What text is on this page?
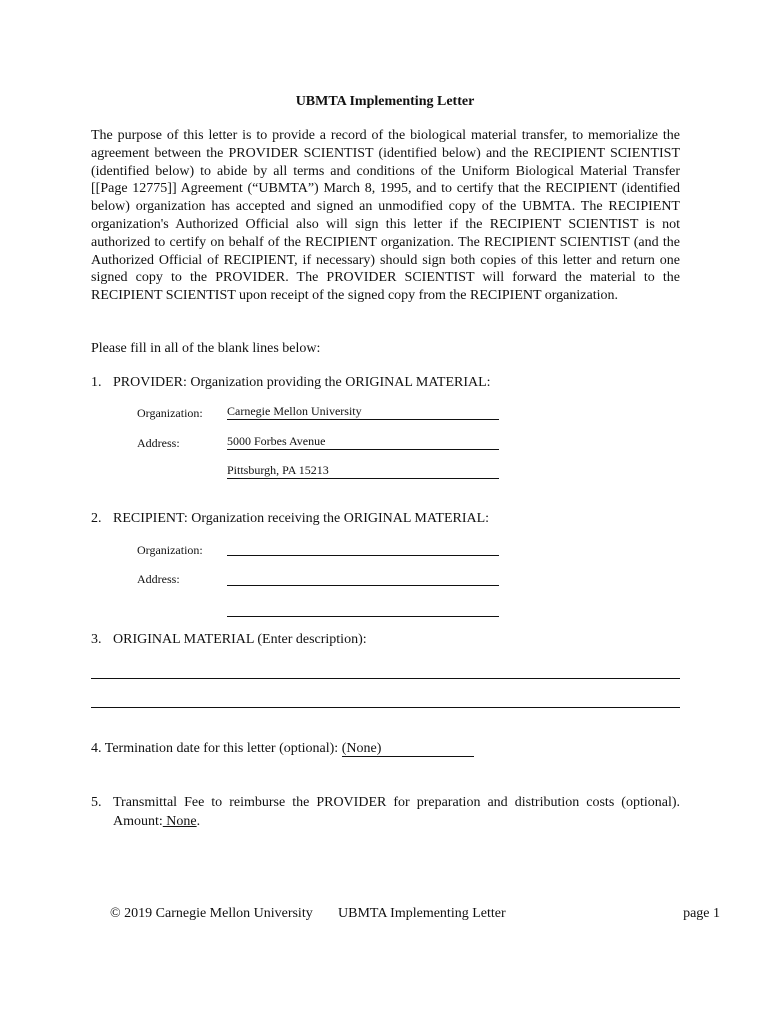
UBMTA Implementing Letter

The purpose of this letter is to provide a record of the biological material transfer, to memorialize the agreement between the PROVIDER SCIENTIST (identified below) and the RECIPIENT SCIENTIST (identified below) to abide by all terms and conditions of the Uniform Biological Material Transfer [[Page 12775]] Agreement (“UBMTA”) March 8, 1995, and to certify that the RECIPIENT (identified below) organization has accepted and signed an unmodified copy of the UBMTA. The RECIPIENT organization's Authorized Official also will sign this letter if the RECIPIENT SCIENTIST is not authorized to certify on behalf of the RECIPIENT organization. The RECIPIENT SCIENTIST (and the Authorized Official of RECIPIENT, if necessary) should sign both copies of this letter and return one signed copy to the PROVIDER. The PROVIDER SCIENTIST will forward the material to the RECIPIENT SCIENTIST upon receipt of the signed copy from the RECIPIENT organization.

Please fill in all of the blank lines below:
1. PROVIDER: Organization providing the ORIGINAL MATERIAL:
Organization: Carnegie Mellon University
Address:	5000 Forbes Avenue
Pittsburgh, PA 15213
2. RECIPIENT: Organization receiving the ORIGINAL MATERIAL:
Organization:
Address:
3. ORIGINAL MATERIAL (Enter description):
4. Termination date for this letter (optional): (None)
5. Transmittal Fee to reimburse the PROVIDER for preparation and distribution costs (optional). Amount: None.
© 2019 Carnegie Mellon University UBMTA Implementing Letter	page 1
